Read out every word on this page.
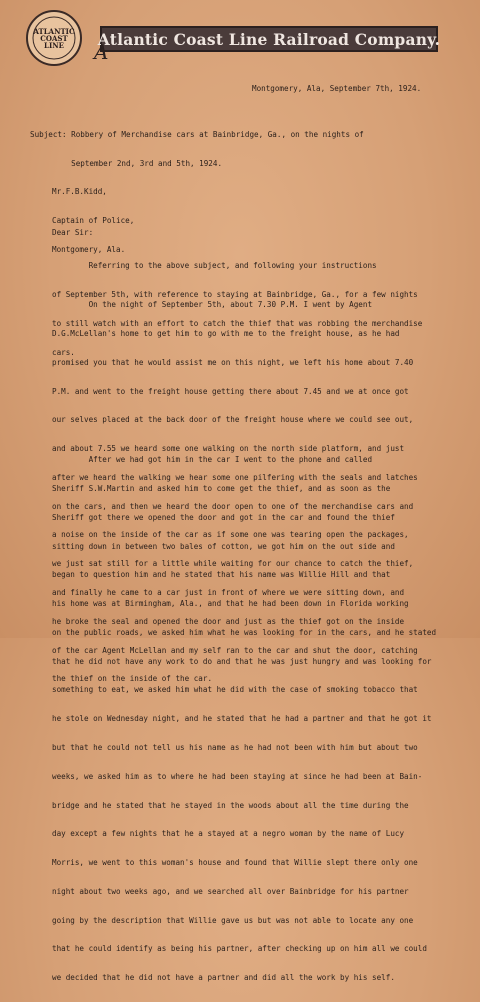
ATLANTIC
COAST
LINE	Atlantic Coast Line Railroad Company.
A
Montgomery, Ala, September 7th, 1924.

Subject: Robbery of Merchandise cars at Bainbridge, Ga., on the nights of

September 2nd, 3rd and 5th, 1924.

Mr.F.B.Kidd,

Captain of Police,

Montgomery, Ala.

Dear Sir:

Referring to the above subject, and following your instructions

of September 5th, with reference to staying at Bainbridge, Ga., for a few nights

to still watch with an effort to catch the thief that was robbing the merchandise

cars.

On the night of September 5th, about 7.30 P.M. I went by Agent

D.G.McLellan's home to get him to go with me to the freight house, as he had

promised you that he would assist me on this night, we left his home about 7.40

P.M. and went to the freight house getting there about 7.45 and we at once got

our selves placed at the back door of the freight house where we could see out,

and about 7.55 we heard some one walking on the north side platform, and just

after we heard the walking we hear some one pilfering with the seals and latches

on the cars, and then we heard the door open to one of the merchandise cars and

a noise on the inside of the car as if some one was tearing open the packages,

we just sat still for a little while waiting for our chance to catch the thief,

and finally he came to a car just in front of where we were sitting down, and

he broke the seal and opened the door and just as the thief got on the inside

of the car Agent McLellan and my self ran to the car and shut the door, catching

the thief on the inside of the car.

After we had got him in the car I went to the phone and called

Sheriff S.W.Martin and asked him to come get the thief, and as soon as the

Sheriff got there we opened the door and got in the car and found the thief

sitting down in between two bales of cotton, we got him on the out side and

began to question him and he stated that his name was Willie Hill and that

his home was at Birmingham, Ala., and that he had been down in Florida working

on the public roads, we asked him what he was looking for in the cars, and he stated

that he did not have any work to do and that he was just hungry and was looking for

something to eat, we asked him what he did with the case of smoking tobacco that

he stole on Wednesday night, and he stated that he had a partner and that he got it

but that he could not tell us his name as he had not been with him but about two

weeks, we asked him as to where he had been staying at since he had been at Bain-

bridge and he stated that he stayed in the woods about all the time during the

day except a few nights that he a stayed at a negro woman by the name of Lucy

Morris, we went to this woman's house and found that Willie slept there only one

night about two weeks ago, and we searched all over Bainbridge for his partner

going by the description that Willie gave us but was not able to locate any one

that he could identify as being his partner, after checking up on him all we could

we decided that he did not have a partner and did all the work by his self.
